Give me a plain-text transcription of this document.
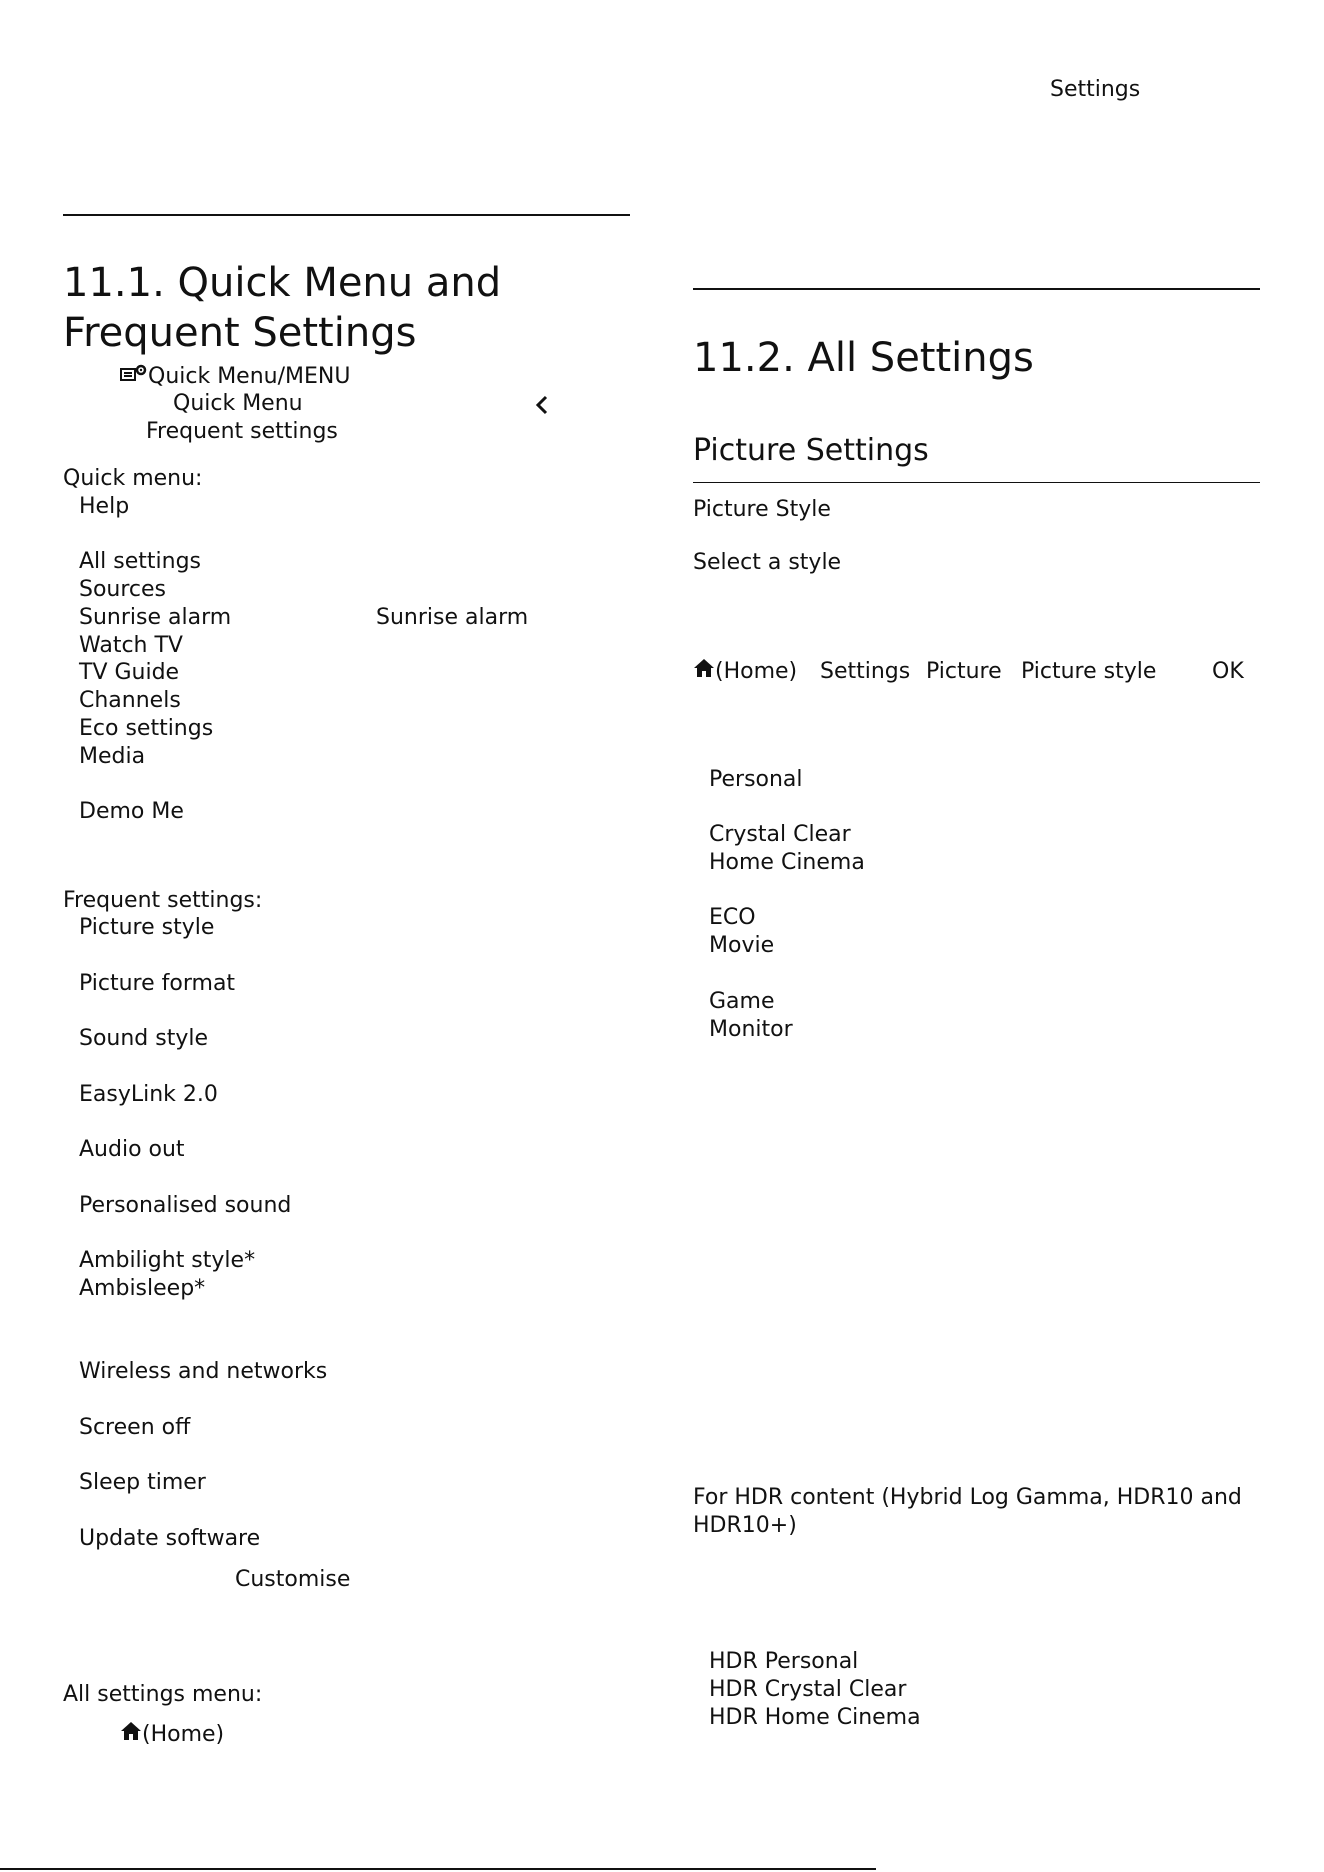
Settings
11.1. Quick Menu and
Frequent Settings
Quick Menu/MENU
Quick Menu
Frequent settings
Quick menu:
Help
All settings
Sources
Sunrise alarm	Sunrise alarm
Watch TV
TV Guide
Channels
Eco settings
Media
Demo Me
Frequent settings:
Picture style
Picture format
Sound style
EasyLink 2.0
Audio out
Personalised sound
Ambilight style*
Ambisleep*
Wireless and networks
Screen off
Sleep timer
Update software
Customise
All settings menu:
(Home)
11.2. All Settings
Picture Settings
Picture Style
Select a style
(Home) Settings Picture Picture style	OK
Personal
Crystal Clear
Home Cinema
ECO
Movie
Game
Monitor
For HDR content (Hybrid Log Gamma, HDR10 and
HDR10+)
HDR Personal
HDR Crystal Clear
HDR Home Cinema
